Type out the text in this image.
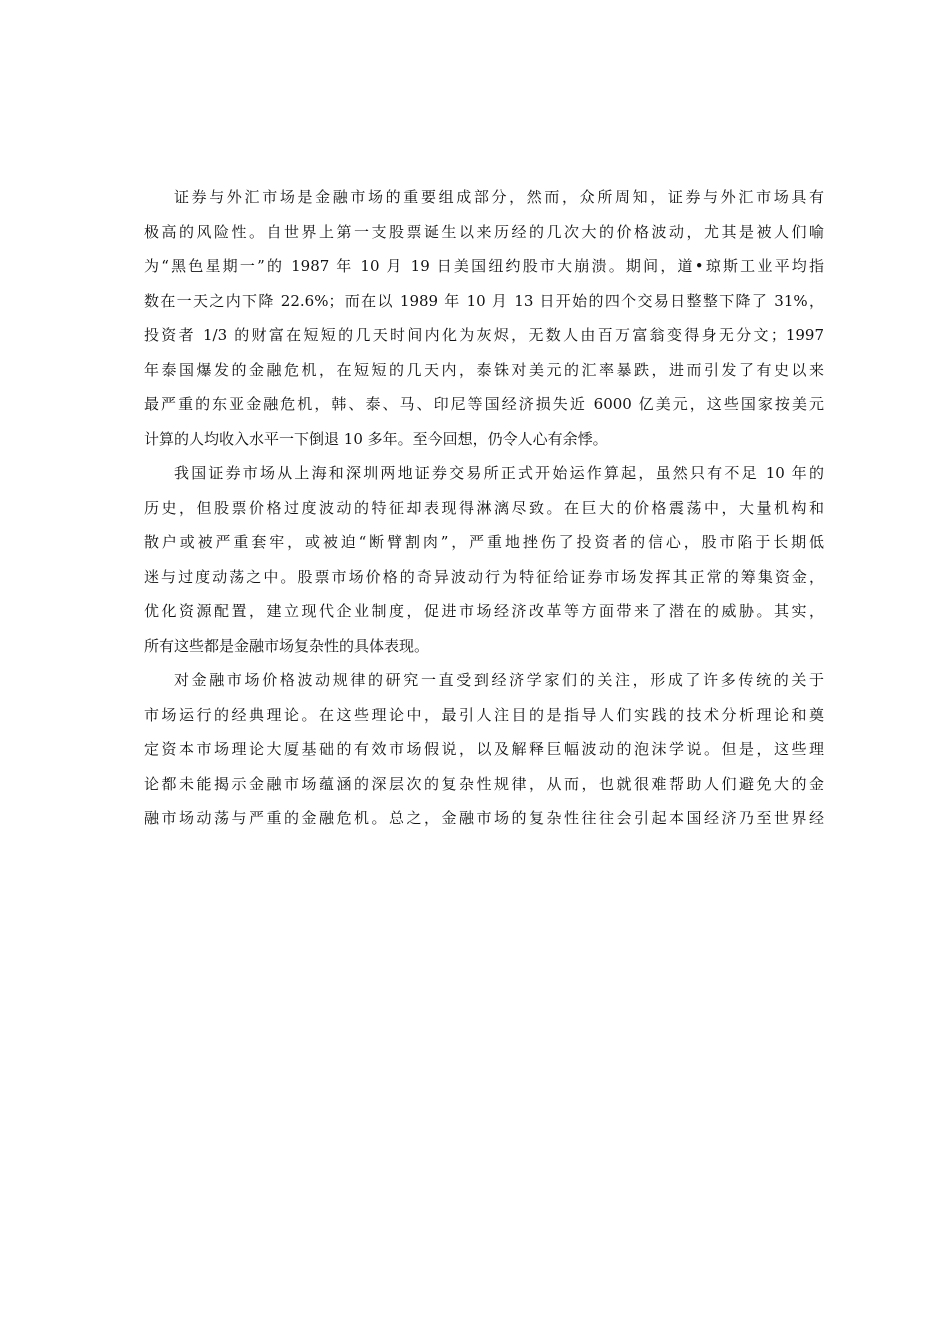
证券与外汇市场是金融市场的重要组成部分，然而，众所周知，证券与外汇市场具有
极高的风险性。自世界上第一支股票诞生以来历经的几次大的价格波动，尤其是被人们喻
为“黑色星期一”的 1987 年 10 月 19 日美国纽约股市大崩溃。期间，道•琼斯工业平均指
数在一天之内下降 22.6%；而在以 1989 年 10 月 13 日开始的四个交易日整整下降了 31%，
投资者 1/3 的财富在短短的几天时间内化为灰烬，无数人由百万富翁变得身无分文；1997
年泰国爆发的金融危机，在短短的几天内，泰铢对美元的汇率暴跌，进而引发了有史以来
最严重的东亚金融危机，韩、泰、马、印尼等国经济损失近 6000 亿美元，这些国家按美元
计算的人均收入水平一下倒退 10 多年。至今回想，仍令人心有余悸。
我国证券市场从上海和深圳两地证券交易所正式开始运作算起，虽然只有不足 10 年的
历史，但股票价格过度波动的特征却表现得淋漓尽致。在巨大的价格震荡中，大量机构和
散户或被严重套牢，或被迫“断臂割肉”，严重地挫伤了投资者的信心，股市陷于长期低
迷与过度动荡之中。股票市场价格的奇异波动行为特征给证券市场发挥其正常的筹集资金，
优化资源配置，建立现代企业制度，促进市场经济改革等方面带来了潜在的威胁。其实，
所有这些都是金融市场复杂性的具体表现。
对金融市场价格波动规律的研究一直受到经济学家们的关注，形成了许多传统的关于
市场运行的经典理论。在这些理论中，最引人注目的是指导人们实践的技术分析理论和奠
定资本市场理论大厦基础的有效市场假说，以及解释巨幅波动的泡沫学说。但是，这些理
论都未能揭示金融市场蕴涵的深层次的复杂性规律，从而，也就很难帮助人们避免大的金
融市场动荡与严重的金融危机。总之，金融市场的复杂性往往会引起本国经济乃至世界经
